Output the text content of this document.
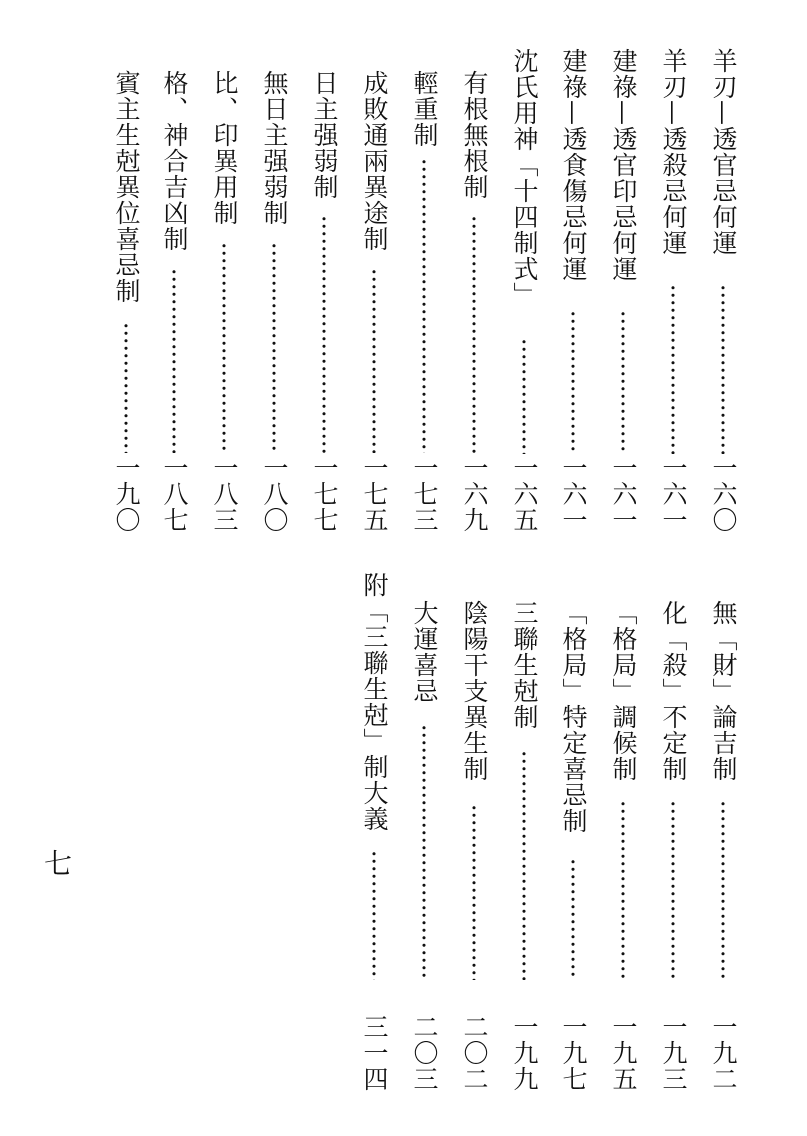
羊刃—透官忌何運
一六〇
羊刃—透殺忌何運
一六一
建祿—透官印忌何運
一六一
建祿—透食傷忌何運
一六一
沈氏用神「十四制式」
一六五
有根無根制
一六九
輕重制
一七三
成敗通兩異途制
一七五
日主强弱制
一七七
無日主强弱制
一八〇
比、印異用制
一八三
格、神合吉凶制
一八七
賓主生尅異位喜忌制
一九〇
無「財」論吉制
一九二
化「殺」不定制
一九三
「格局」調候制
一九五
「格局」特定喜忌制
一九七
三聯生尅制
一九九
陰陽干支異生制
二〇二
大運喜忌
二〇三
附「三聯生尅」制大義
三一四
七
